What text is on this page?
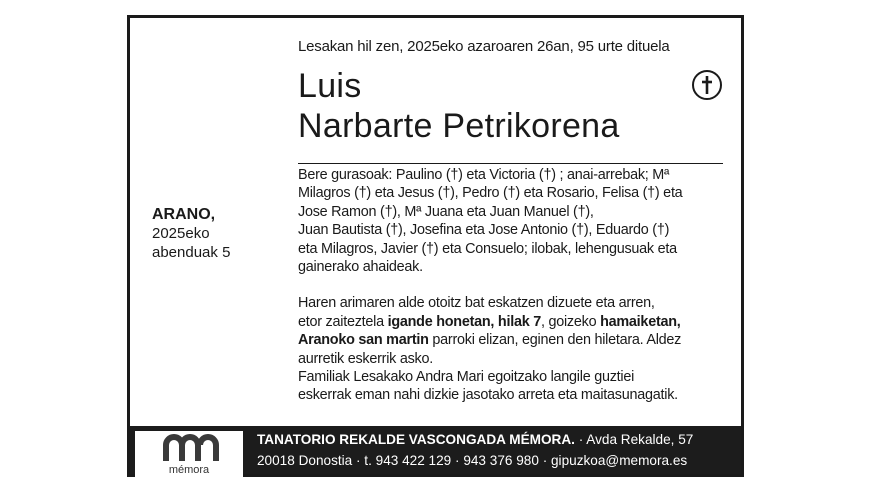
Lesakan hil zen, 2025eko azaroaren 26an, 95 urte dituela
Luis
Narbarte Petrikorena
ARANO,
2025eko
abenduak 5

Bere gurasoak: Paulino (†) eta Victoria (†) ; anai-arrebak; Mª
Milagros (†) eta Jesus (†), Pedro (†) eta Rosario, Felisa (†) eta
Jose Ramon (†), Mª Juana eta Juan Manuel (†),
Juan Bautista (†), Josefina eta Jose Antonio (†), Eduardo (†)
eta Milagros, Javier (†) eta Consuelo; ilobak, lehengusuak eta
gainerako ahaideak.

Haren arimaren alde otoitz bat eskatzen dizuete eta arren,
etor zaiteztela igande honetan, hilak 7, goizeko hamaiketan,
Aranoko san martin parroki elizan, eginen den hiletara. Aldez
aurretik eskerrik asko.
Familiak Lesakako Andra Mari egoitzako langile guztiei
eskerrak eman nahi dizkie jasotako arreta eta maitasunagatik.

mémora
TANATORIO REKALDE VASCONGADA MÉMORA. · Avda Rekalde, 57
20018 Donostia · t. 943 422 129 · 943 376 980 · gipuzkoa@memora.es
